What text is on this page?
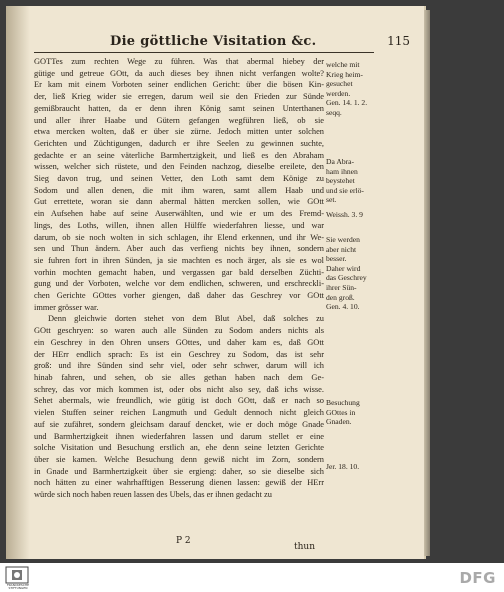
Die göttliche Visitation &c.	115
GOTTes zum rechten Wege zu führen. Was that abermal hiebey der
gütige und getreue GOtt, da auch dieses bey ihnen nicht verfangen wolte?
Er kam mit einem Vorboten seiner endlichen Gericht: über die bösen Kin-
der, ließ Krieg wider sie erregen, darum weil sie den Frieden zur Sünde
gemißbraucht hatten, da er denn ihren König samt seinen Unterthanen
und aller ihrer Haabe und Gütern gefangen wegführen ließ, ob sie
etwa mercken wolten, daß er über sie zürne. Jedoch mitten unter solchen
Gerichten und Züchtigungen, dadurch er ihre Seelen zu gewinnen suchte,
gedachte er an seine väterliche Barmhertzigkeit, und ließ es den Abraham
wissen, welcher sich rüstete, und den Feinden nachzog, dieselbe ereilete, den
Sieg davon trug, und seinen Vetter, den Loth samt dem Könige zu
Sodom und allen denen, die mit ihm waren, samt allem Haab und
Gut errettete, woran sie dann abermal hätten mercken sollen, wie GOtt
ein Aufsehen habe auf seine Auserwählten, und wie er um des Fremd-
lings, des Loths, willen, ihnen allen Hülffe wiederfahren liesse, und war
darum, ob sie noch wolten in sich schlagen, ihr Elend erkennen, und ihr We-
sen und Thun ändern. Aber auch das verfieng nichts bey ihnen, sondern
sie fuhren fort in ihren Sünden, ja sie machten es noch ärger, als sie es wol
vorhin mochten gemacht haben, und vergassen gar bald derselben Züchti-
gung und der Vorboten, welche vor dem endlichen, schweren, und erschreckli-
chen Gerichte GOttes vorher giengen, daß daher das Geschrey vor GOtt
immer grösser war.
Denn gleichwie dorten stehet von dem Blut Abel, daß solches zu
GOtt geschryen: so waren auch alle Sünden zu Sodom anders nichts als
ein Geschrey in den Ohren unsers GOttes, und daher kam es, daß GOtt
der HErr endlich sprach: Es ist ein Geschrey zu Sodom, das ist sehr
groß: und ihre Sünden sind sehr viel, oder sehr schwer, darum will ich
hinab fahren, und sehen, ob sie alles gethan haben nach dem Ge-
schrey, das vor mich kommen ist, oder obs nicht also sey, daß ichs wisse.
Sehet abermals, wie freundlich, wie gütig ist doch GOtt, daß er nach so
vielen Stuffen seiner reichen Langmuth und Gedult dennoch nicht gleich
auf sie zufähret, sondern gleichsam darauf dencket, wie er doch möge Gnade
und Barmhertzigkeit ihnen wiederfahren lassen und darum stellet er eine
solche Visitation und Besuchung erstlich an, ehe denn seine letzten Gerichte
über sie kamen. Welche Besuchung denn gewiß nicht im Zorn, sondern
in Gnade und Barmhertzigkeit über sie ergieng: daher, so sie dieselbe sich
noch hätten zu einer wahrhafftigen Besserung dienen lassen: gewiß der HErr
würde sich noch haben reuen lassen des Ubels, das er ihnen gedacht zu
welche mit
Krieg heim-
gesuchet
werden.
Gen. 14. 1. 2.
seqq.
Da Abra-
ham ihnen
beystehet
und sie erlö-
set.
Weissh. 3. 9
Sie werden
aber nicht
besser.
Daher wird
das Geschrey
ihrer Sün-
den groß.
Gen. 4. 10.
Besuchung
GOttes in
Gnaden.
Jer. 18. 10.
P 2
thun
FRANCKESCHE STIFTUNGEN
DFG
